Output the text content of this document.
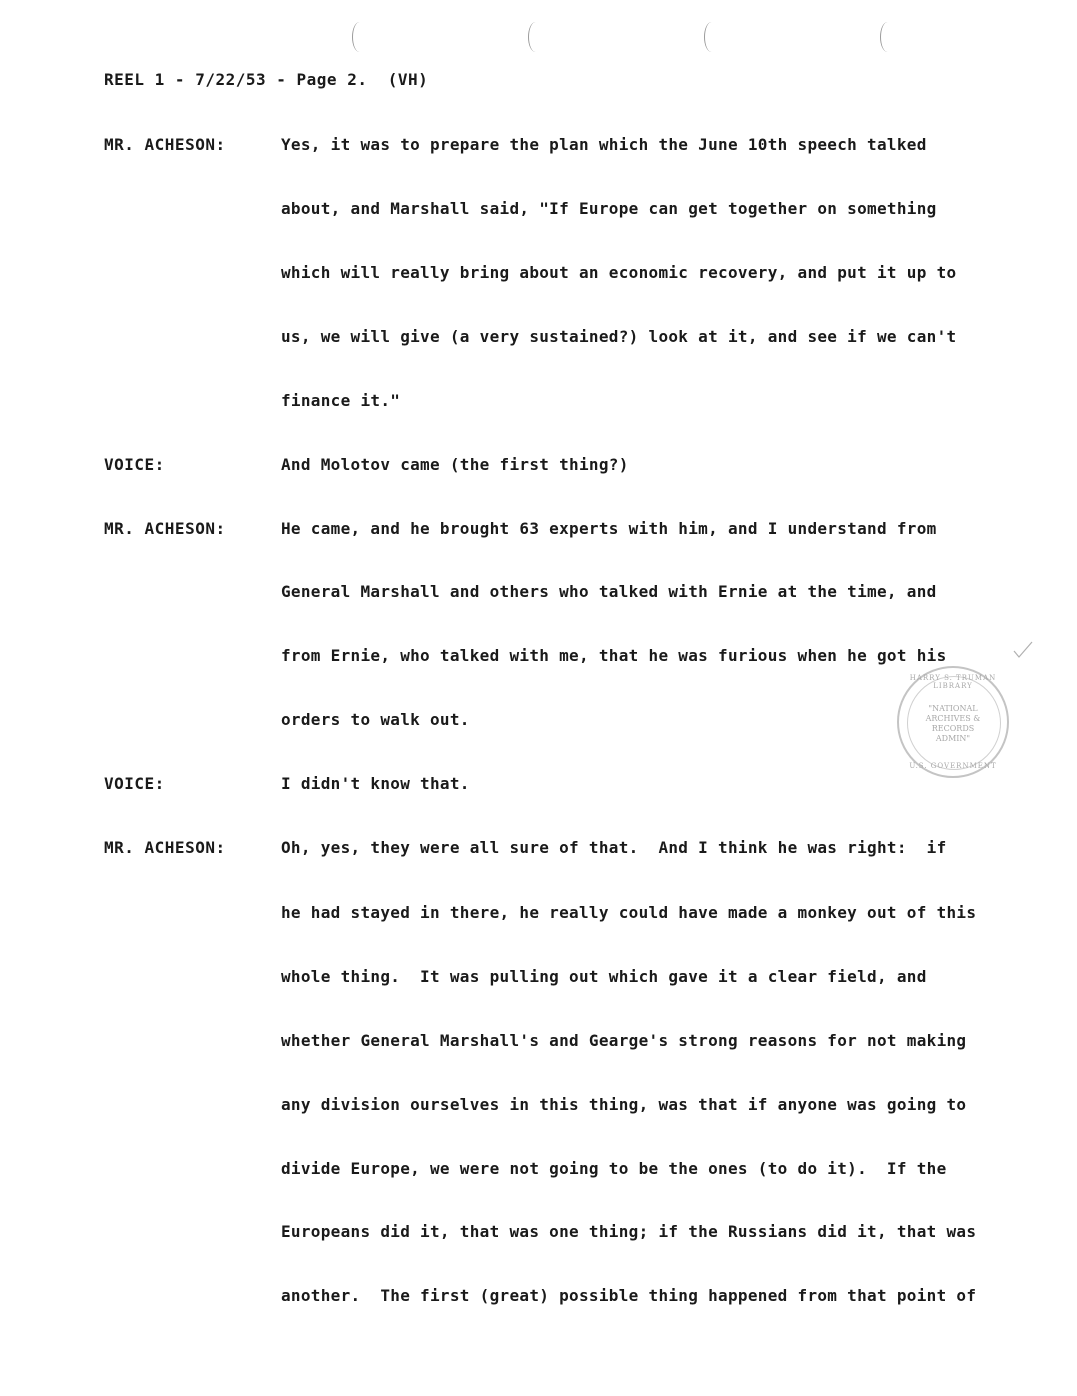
REEL 1 - 7/22/53 - Page 2.  (VH)
MR. ACHESON:	Yes, it was to prepare the plan which the June 10th speech talked
about, and Marshall said, "If Europe can get together on something
which will really bring about an economic recovery, and put it up to
us, we will give (a very sustained?) look at it, and see if we can't
finance it."
VOICE:	And Molotov came (the first thing?)
MR. ACHESON:	He came, and he brought 63 experts with him, and I understand from
General Marshall and others who talked with Ernie at the time, and
from Ernie, who talked with me, that he was furious when he got his
orders to walk out.
VOICE:	I didn't know that.
MR. ACHESON:	Oh, yes, they were all sure of that.  And I think he was right:  if
he had stayed in there, he really could have made a monkey out of this
whole thing.  It was pulling out which gave it a clear field, and
whether General Marshall's and Gearge's strong reasons for not making
any division ourselves in this thing, was that if anyone was going to
divide Europe, we were not going to be the ones (to do it).  If the
Europeans did it, that was one thing; if the Russians did it, that was
another.  The first (great) possible thing happened from that point of
HARRY S. TRUMAN LIBRARY
"NATIONAL
ARCHIVES &
RECORDS
ADMIN"
U.S. GOVERNMENT
